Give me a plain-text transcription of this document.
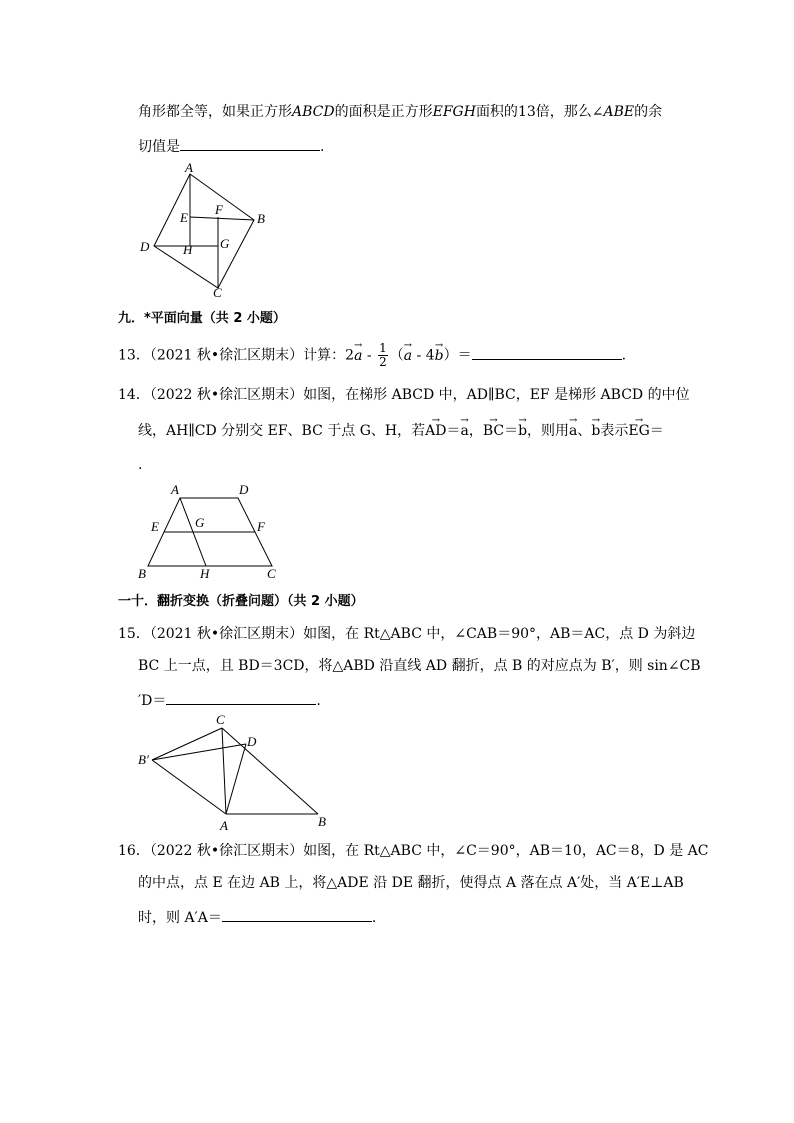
角形都全等，如果正方形ABCD的面积是正方形EFGH面积的13倍，那么∠ABE的余
切值是	.
A
B
C
D
E
F
G
H
九．*平面向量（共 2 小题）
13．（2021 秋•徐汇区期末）计算：$2\to a - \frac{1}{2}$ （→ a - 4→ b）＝	.
14．（2022 秋•徐汇区期末）如图，在梯形 ABCD 中，AD∥BC，EF 是梯形 ABCD 的中位
线，AH∥CD 分别交 EF、BC 于点 G、H，若→ AD＝→ a，→ BC＝→ b，则用→ a、→ b表示→ EG＝
.
A	D
E	G	F
B	H	C
一十．翻折变换（折叠问题）（共 2 小题）
15．（2021 秋•徐汇区期末）如图，在 Rt△ABC 中，∠CAB＝90°，AB＝AC，点 D 为斜边
BC 上一点，且 BD＝3CD，将△ABD 沿直线 AD 翻折，点 B 的对应点为 B′，则 sin∠CB
′D＝	.
C
D
B′
A	B
16．（2022 秋•徐汇区期末）如图，在 Rt△ABC 中，∠C＝90°，AB＝10，AC＝8，D 是 AC
的中点，点 E 在边 AB 上，将△ADE 沿 DE 翻折，使得点 A 落在点 A′处，当 A′E⊥AB
时，则 A′A＝	.
